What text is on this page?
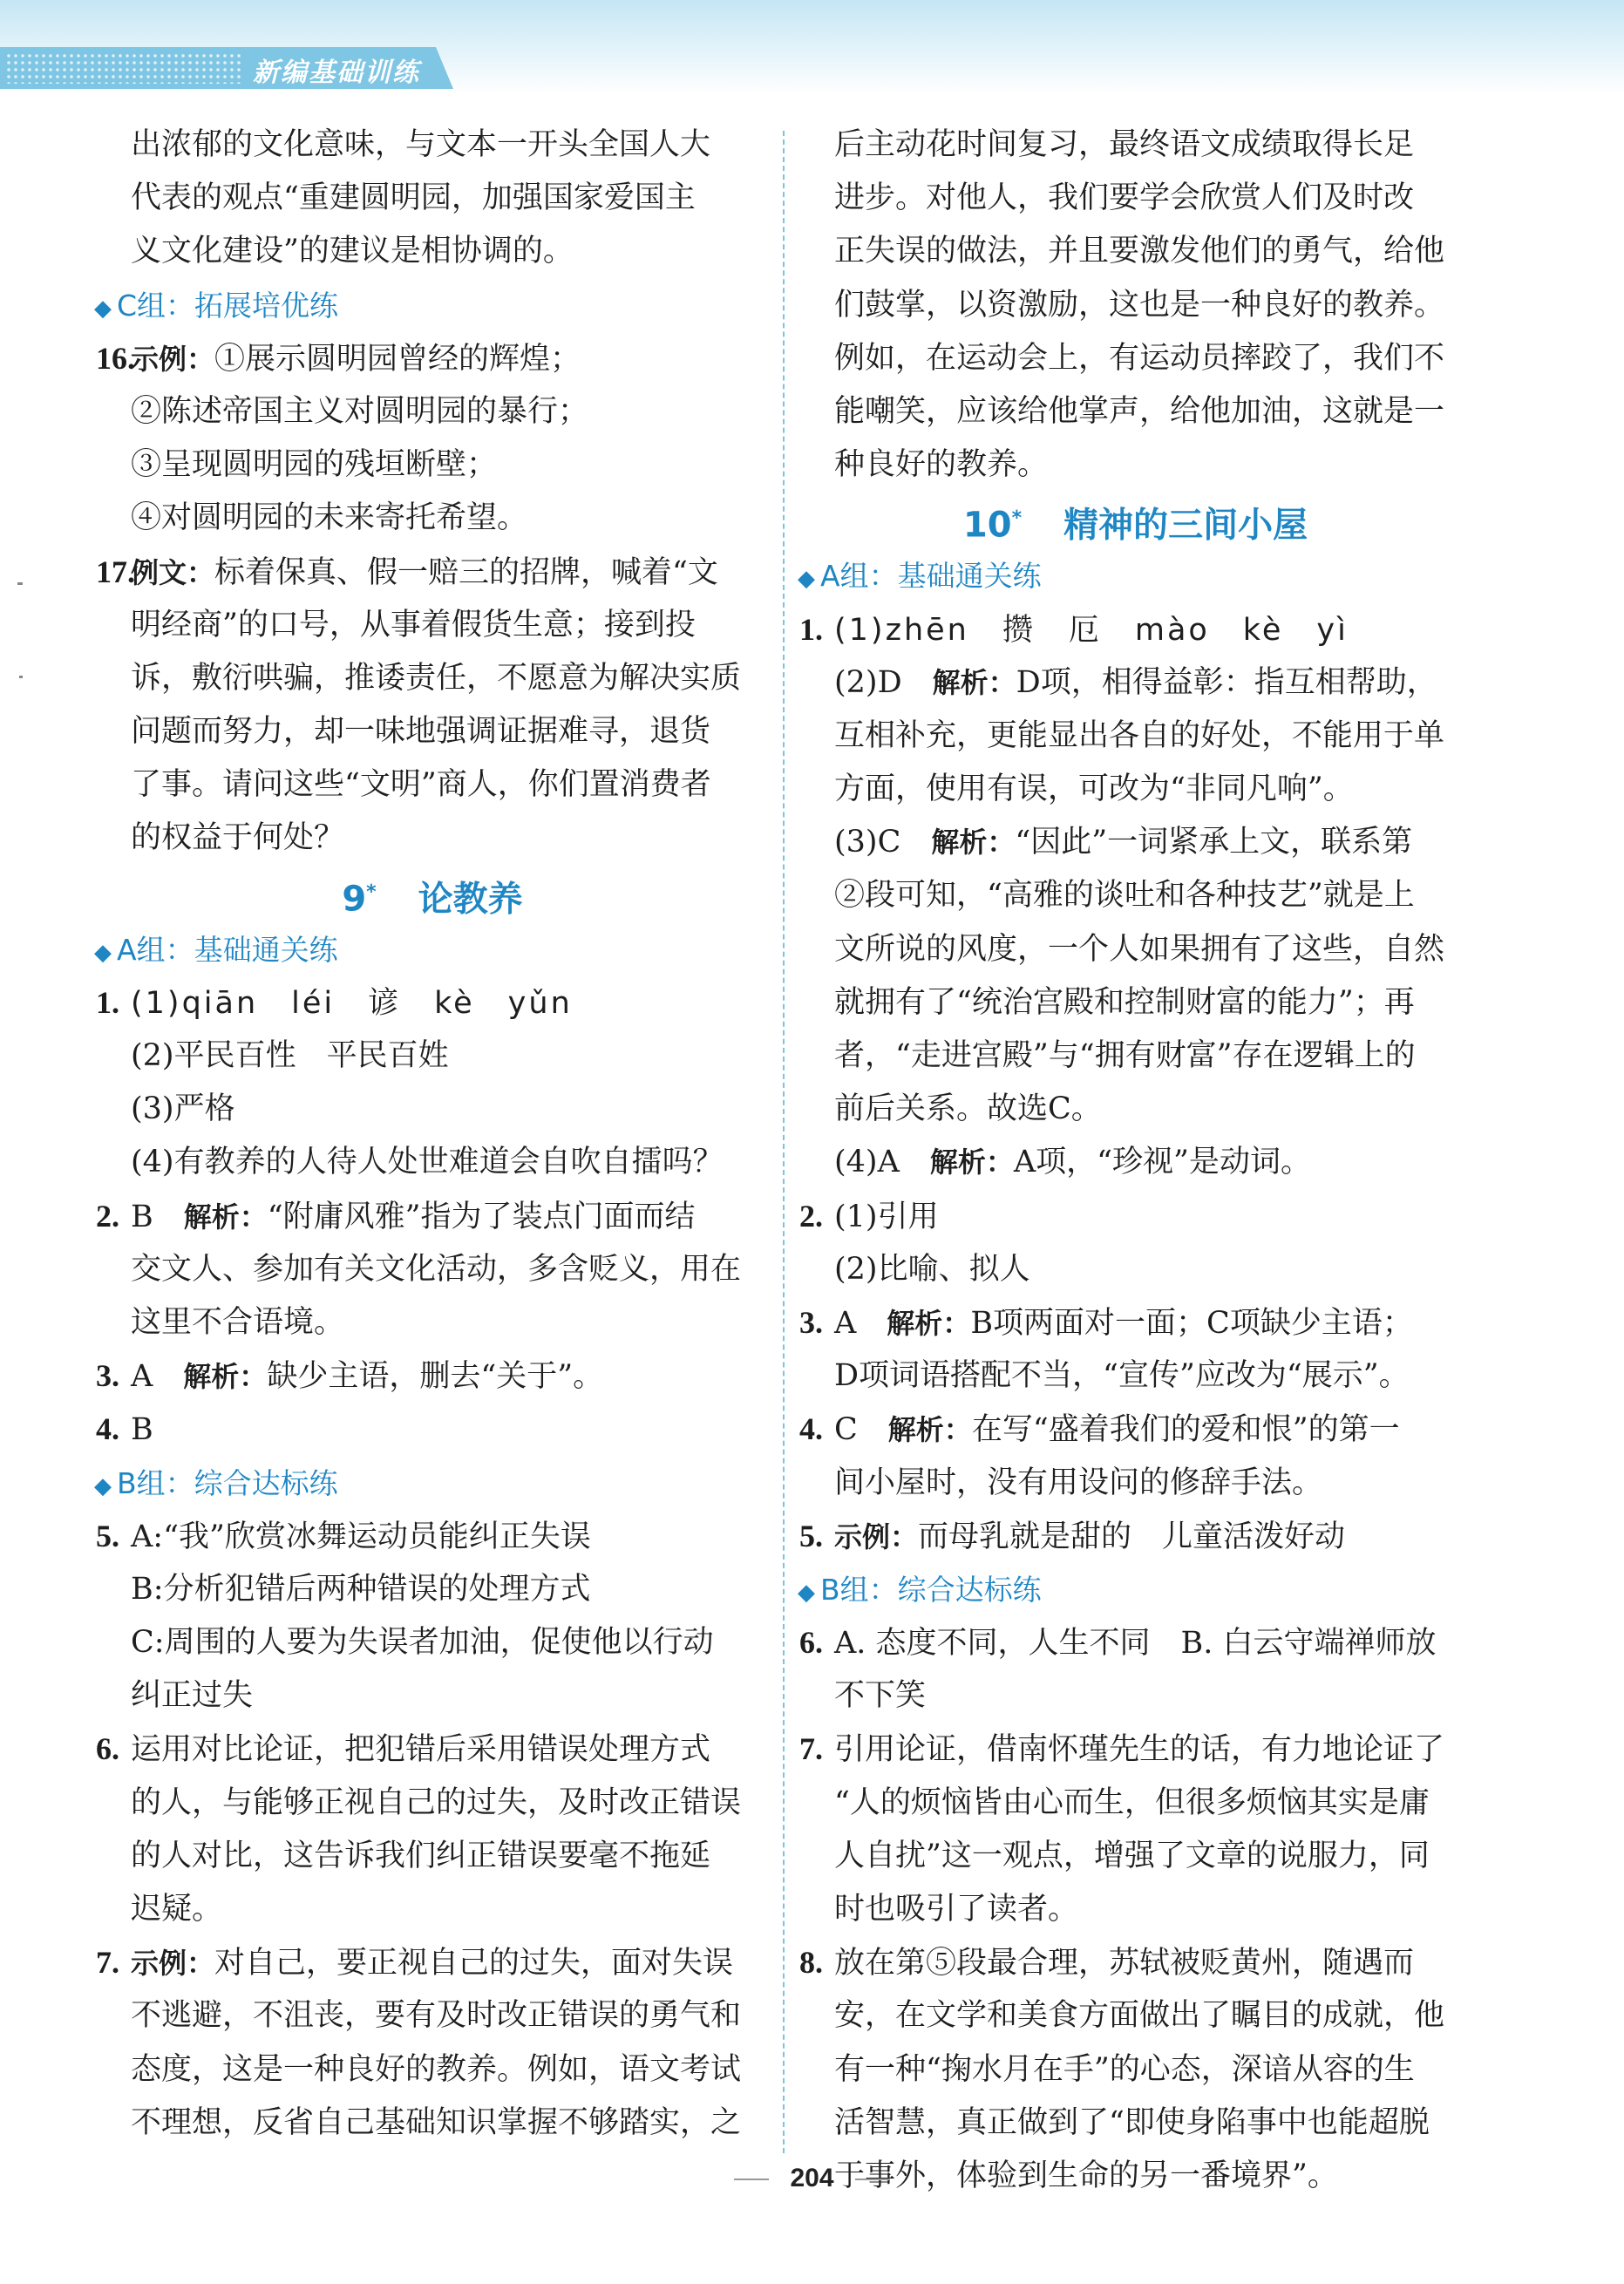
新编基础训练
出浓郁的文化意味，与文本一开头全国人大
代表的观点“重建圆明园，加强国家爱国主
义文化建设”的建议是相协调的。
◆ C组：拓展培优练
16.示例：①展示圆明园曾经的辉煌；
②陈述帝国主义对圆明园的暴行；
③呈现圆明园的残垣断壁；
④对圆明园的未来寄托希望。
17.例文：标着保真、假一赔三的招牌，喊着“文
明经商”的口号，从事着假货生意；接到投
诉，敷衍哄骗，推诿责任，不愿意为解决实质
问题而努力，却一味地强调证据难寻，退货
了事。请问这些“文明”商人，你们置消费者
的权益于何处？
9* 论教养
◆ A组：基础通关练
1. (1)qiān　léi　谚　kè　yǔn
(2)平民百性　平民百姓
(3)严格
(4)有教养的人待人处世难道会自吹自擂吗？
2. B　 解析：“附庸风雅”指为了装点门面而结
交文人、参加有关文化活动，多含贬义，用在
这里不合语境。
3. A　 解析：缺少主语，删去“关于”。
4. B
◆ B组：综合达标练
5. A:“我”欣赏冰舞运动员能纠正失误
B:分析犯错后两种错误的处理方式
C:周围的人要为失误者加油，促使他以行动
纠正过失
6. 运用对比论证，把犯错后采用错误处理方式
的人，与能够正视自己的过失，及时改正错误
的人对比，这告诉我们纠正错误要毫不拖延
迟疑。
7. 示例：对自己，要正视自己的过失，面对失误
不逃避，不沮丧，要有及时改正错误的勇气和
态度，这是一种良好的教养。例如，语文考试
不理想，反省自己基础知识掌握不够踏实，之
后主动花时间复习，最终语文成绩取得长足
进步。对他人，我们要学会欣赏人们及时改
正失误的做法，并且要激发他们的勇气，给他
们鼓掌，以资激励，这也是一种良好的教养。
例如，在运动会上，有运动员摔跤了，我们不
能嘲笑，应该给他掌声，给他加油，这就是一
种良好的教养。
10* 精神的三间小屋
◆ A组：基础通关练
1. (1)zhēn　攒　厄　mào　kè　yì
(2)D　 解析：D项，相得益彰：指互相帮助，
互相补充，更能显出各自的好处，不能用于单
方面，使用有误，可改为“非同凡响”。
(3)C　 解析：“因此”一词紧承上文，联系第
②段可知，“高雅的谈吐和各种技艺”就是上
文所说的风度，一个人如果拥有了这些，自然
就拥有了“统治宫殿和控制财富的能力”；再
者，“走进宫殿”与“拥有财富”存在逻辑上的
前后关系。故选C。
(4)A　 解析：A项，“珍视”是动词。
2. (1)引用
(2)比喻、拟人
3. A　 解析：B项两面对一面；C项缺少主语；
D项词语搭配不当，“宣传”应改为“展示”。
4. C　 解析：在写“盛着我们的爱和恨”的第一
间小屋时，没有用设问的修辞手法。
5. 示例：而母乳就是甜的　儿童活泼好动
◆ B组：综合达标练
6. A. 态度不同，人生不同　B. 白云守端禅师放
不下笑
7. 引用论证，借南怀瑾先生的话，有力地论证了
“人的烦恼皆由心而生，但很多烦恼其实是庸
人自扰”这一观点，增强了文章的说服力，同
时也吸引了读者。
8. 放在第⑤段最合理，苏轼被贬黄州，随遇而
安，在文学和美食方面做出了瞩目的成就，他
有一种“掬水月在手”的心态，深谙从容的生
活智慧，真正做到了“即使身陷事中也能超脱
于事外，体验到生命的另一番境界”。
204
